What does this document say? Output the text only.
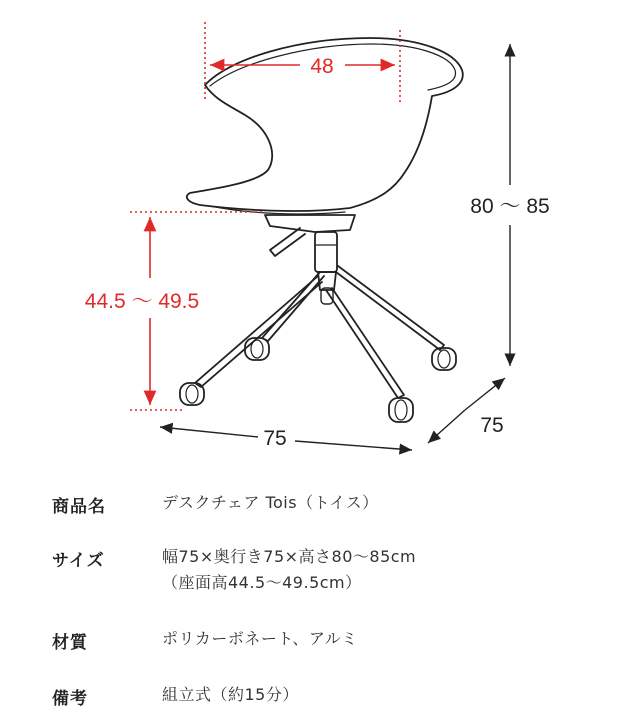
48
44.5 ～ 49.5
80 ～ 85
75
75
商品名	デスクチェア Tois（トイス）
サイズ	幅75×奥行き75×高さ80〜85cm
（座面高44.5〜49.5cm）
材質	ポリカーボネート、アルミ
備考	組立式（約15分）
